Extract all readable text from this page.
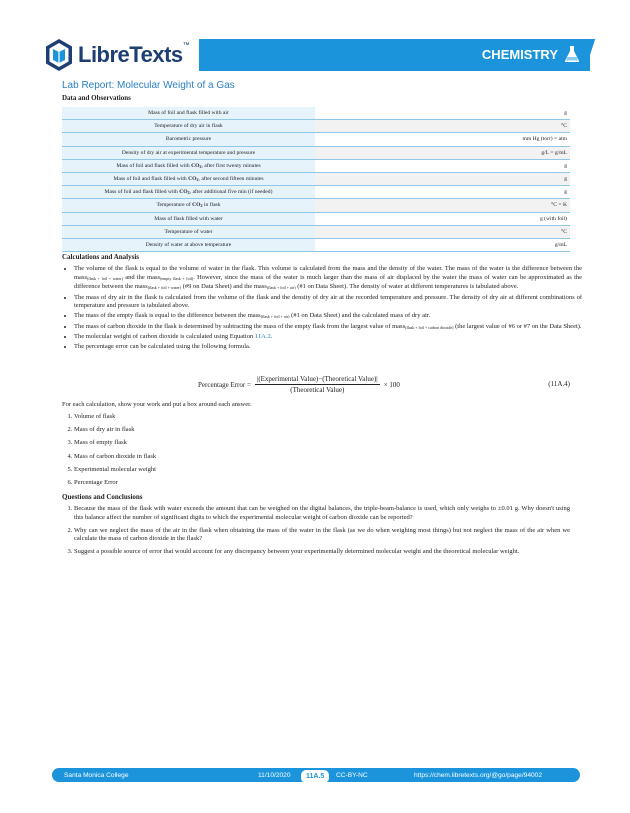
LibreTexts™
CHEMISTRY
Lab Report: Molecular Weight of a Gas
Data and Observations
Mass of foil and flask filled with air	g
Temperature of dry air in flask	°C
Barometric pressure	mm Hg (torr) = atm
Density of dry air at experimental temperature and pressure	g/L = g/mL
Mass of foil and flask filled with $CO_2$, after first twenty minutes	g
Mass of foil and flask filled with $CO_2$, after second fifteen minutes	g
Mass of foil and flask filled with $CO_2$, after additional five min (if needed)	g
Temperature of $CO_2$ in flask	°C = K
Mass of flask filled with water	g (with foil)
Temperature of water	°C
Density of water at above temperature	g/mL
Calculations and Analysis
• The volume of the flask is equal to the volume of water in the flask. This volume is calculated from the mass and the density of the water. The mass of the water is the difference between the mass$_{(flask + foil + water)}$ and the mass$_{(empty flask + foil)}$. However, since the mass of the water is much larger than the mass of air displaced by the water the mass of water can be approximated as the difference between the mass$_{(flask + foil + water)}$ (#9 on Data Sheet) and the mass$_{(flask + foil + air)}$ (#1 on Data Sheet). The density of water at different temperatures is tabulated above.
• The mass of dry air in the flask is calculated from the volume of the flask and the density of dry air at the recorded temperature and pressure. The density of dry air at different combinations of temperature and pressure is tabulated above.
• The mass of the empty flask is equal to the difference between the mass$_{(flask + foil + air)}$ (#1 on Data Sheet) and the calculated mass of dry air.
• The mass of carbon dioxide in the flask is determined by subtracting the mass of the empty flask from the largest value of mass$_{(flask + foil + carbon dioxide)}$ (the largest value of #6 or #7 on the Data Sheet).
• The molecular weight of carbon dioxide is calculated using Equation 11A.2.
• The percentage error can be calculated using the following formula.
Percentage Error = $\frac{\text{|(Experimental Value)−(Theoretical Value)|}}{\text{(Theoretical Value)}} \times 100$	(11A.4)
For each calculation, show your work and put a box around each answer.
1. Volume of flask
2. Mass of dry air in flask
3. Mass of empty flask
4. Mass of carbon dioxide in flask
5. Experimental molecular weight
6. Percentage Error
Questions and Conclusions
1. Because the mass of the flask with water exceeds the amount that can be weighed on the digital balances, the triple-beam-balance is used, which only weighs to ±0.01 g. Why doesn't using this balance affect the number of significant digits to which the experimental molecular weight of carbon dioxide can be reported?
2. Why can we neglect the mass of the air in the flask when obtaining the mass of the water in the flask (as we do when weighing most things) but not neglect the mass of the air when we calculate the mass of carbon dioxide in the flask?
3. Suggest a possible source of error that would account for any discrepancy between your experimentally determined molecular weight and the theoretical molecular weight.
Santa Monica College	11/10/2020	11A.5	CC-BY-NC	https://chem.libretexts.org/@go/page/94002
